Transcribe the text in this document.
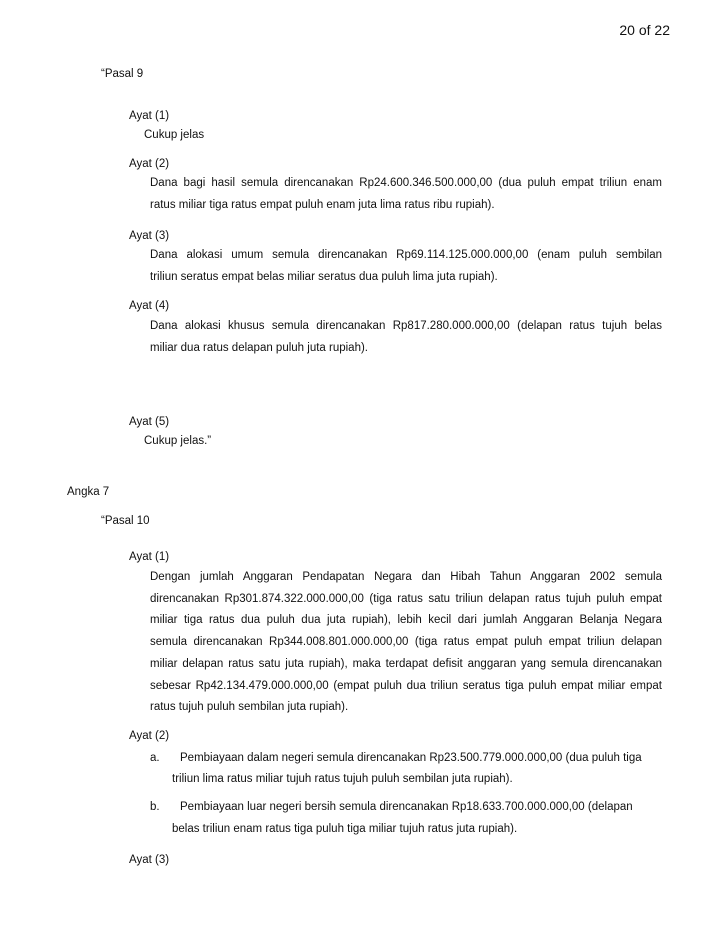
20 of 22
“Pasal 9
Ayat (1)
Cukup jelas
Ayat (2)
Dana bagi hasil semula direncanakan Rp24.600.346.500.000,00 (dua puluh empat triliun enam
ratus miliar tiga ratus empat puluh enam juta lima ratus ribu rupiah).
Ayat (3)
Dana alokasi umum semula direncanakan Rp69.114.125.000.000,00 (enam puluh sembilan
triliun seratus empat belas miliar seratus dua puluh lima juta rupiah).
Ayat (4)
Dana alokasi khusus semula direncanakan Rp817.280.000.000,00 (delapan ratus tujuh belas
miliar dua ratus delapan puluh juta rupiah).
Ayat (5)
Cukup jelas.”
Angka 7
“Pasal 10
Ayat (1)
Dengan jumlah Anggaran Pendapatan Negara dan Hibah Tahun Anggaran 2002 semula
direncanakan Rp301.874.322.000.000,00 (tiga ratus satu triliun delapan ratus tujuh puluh empat
miliar tiga ratus dua puluh dua juta rupiah), lebih kecil dari jumlah Anggaran Belanja Negara
semula direncanakan Rp344.008.801.000.000,00 (tiga ratus empat puluh empat triliun delapan
miliar delapan ratus satu juta rupiah), maka terdapat defisit anggaran yang semula direncanakan
sebesar Rp42.134.479.000.000,00 (empat puluh dua triliun seratus tiga puluh empat miliar empat
ratus tujuh puluh sembilan juta rupiah).
Ayat (2)
a. Pembiayaan dalam negeri semula direncanakan Rp23.500.779.000.000,00 (dua puluh tiga
triliun lima ratus miliar tujuh ratus tujuh puluh sembilan juta rupiah).
b. Pembiayaan luar negeri bersih semula direncanakan Rp18.633.700.000.000,00 (delapan
belas triliun enam ratus tiga puluh tiga miliar tujuh ratus juta rupiah).
Ayat (3)
